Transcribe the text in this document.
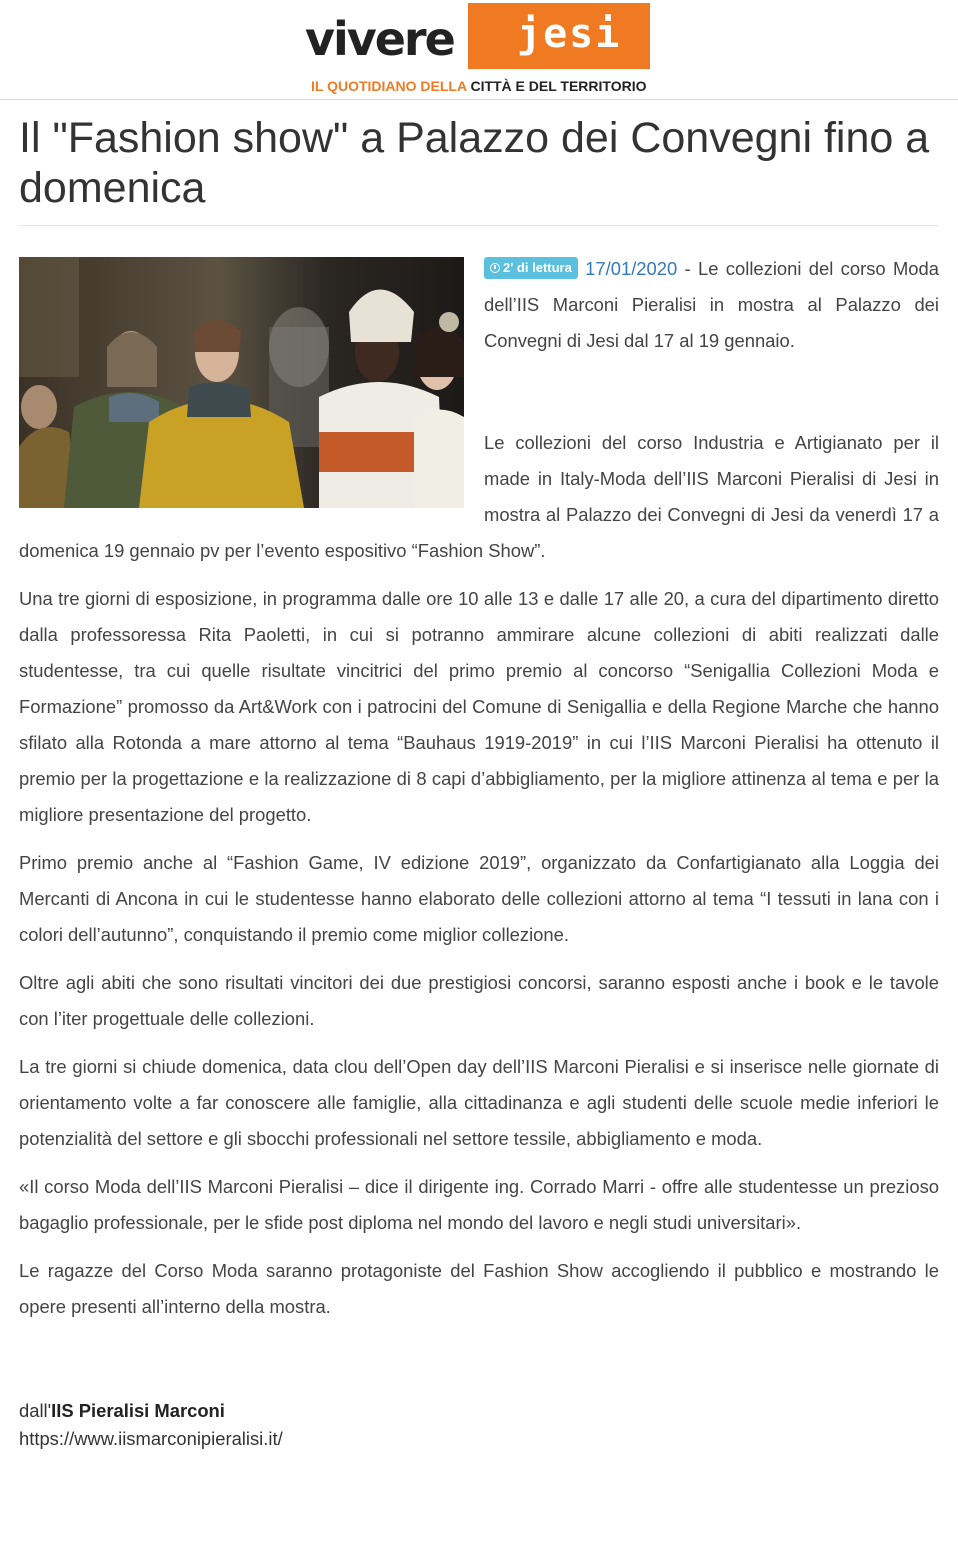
vivere jesi
IL QUOTIDIANO DELLA CITTÀ E DEL TERRITORIO
Il "Fashion show" a Palazzo dei Convegni fino a domenica

2' di lettura 17/01/2020 - Le collezioni del corso Moda dell’IIS Marconi Pieralisi in mostra al Palazzo dei Convegni di Jesi dal 17 al 19 gennaio.

Le collezioni del corso Industria e Artigianato per il made in Italy-Moda dell’IIS Marconi Pieralisi di Jesi in mostra al Palazzo dei Convegni di Jesi da venerdì 17 a domenica 19 gennaio pv per l’evento espositivo “Fashion Show”.

Una tre giorni di esposizione, in programma dalle ore 10 alle 13 e dalle 17 alle 20, a cura del dipartimento diretto dalla professoressa Rita Paoletti, in cui si potranno ammirare alcune collezioni di abiti realizzati dalle studentesse, tra cui quelle risultate vincitrici del primo premio al concorso “Senigallia Collezioni Moda e Formazione” promosso da Art&Work con i patrocini del Comune di Senigallia e della Regione Marche che hanno sfilato alla Rotonda a mare attorno al tema “Bauhaus 1919-2019” in cui l’IIS Marconi Pieralisi ha ottenuto il premio per la progettazione e la realizzazione di 8 capi d’abbigliamento, per la migliore attinenza al tema e per la migliore presentazione del progetto.

Primo premio anche al “Fashion Game, IV edizione 2019”, organizzato da Confartigianato alla Loggia dei Mercanti di Ancona in cui le studentesse hanno elaborato delle collezioni attorno al tema “I tessuti in lana con i colori dell’autunno”, conquistando il premio come miglior collezione.

Oltre agli abiti che sono risultati vincitori dei due prestigiosi concorsi, saranno esposti anche i book e le tavole con l’iter progettuale delle collezioni.

La tre giorni si chiude domenica, data clou dell’Open day dell’IIS Marconi Pieralisi e si inserisce nelle giornate di orientamento volte a far conoscere alle famiglie, alla cittadinanza e agli studenti delle scuole medie inferiori le potenzialità del settore e gli sbocchi professionali nel settore tessile, abbigliamento e moda.

«Il corso Moda dell’IIS Marconi Pieralisi – dice il dirigente ing. Corrado Marri - offre alle studentesse un prezioso bagaglio professionale, per le sfide post diploma nel mondo del lavoro e negli studi universitari».

Le ragazze del Corso Moda saranno protagoniste del Fashion Show accogliendo il pubblico e mostrando le opere presenti all’interno della mostra.

dall'IIS Pieralisi Marconi
https://www.iismarconipieralisi.it/
